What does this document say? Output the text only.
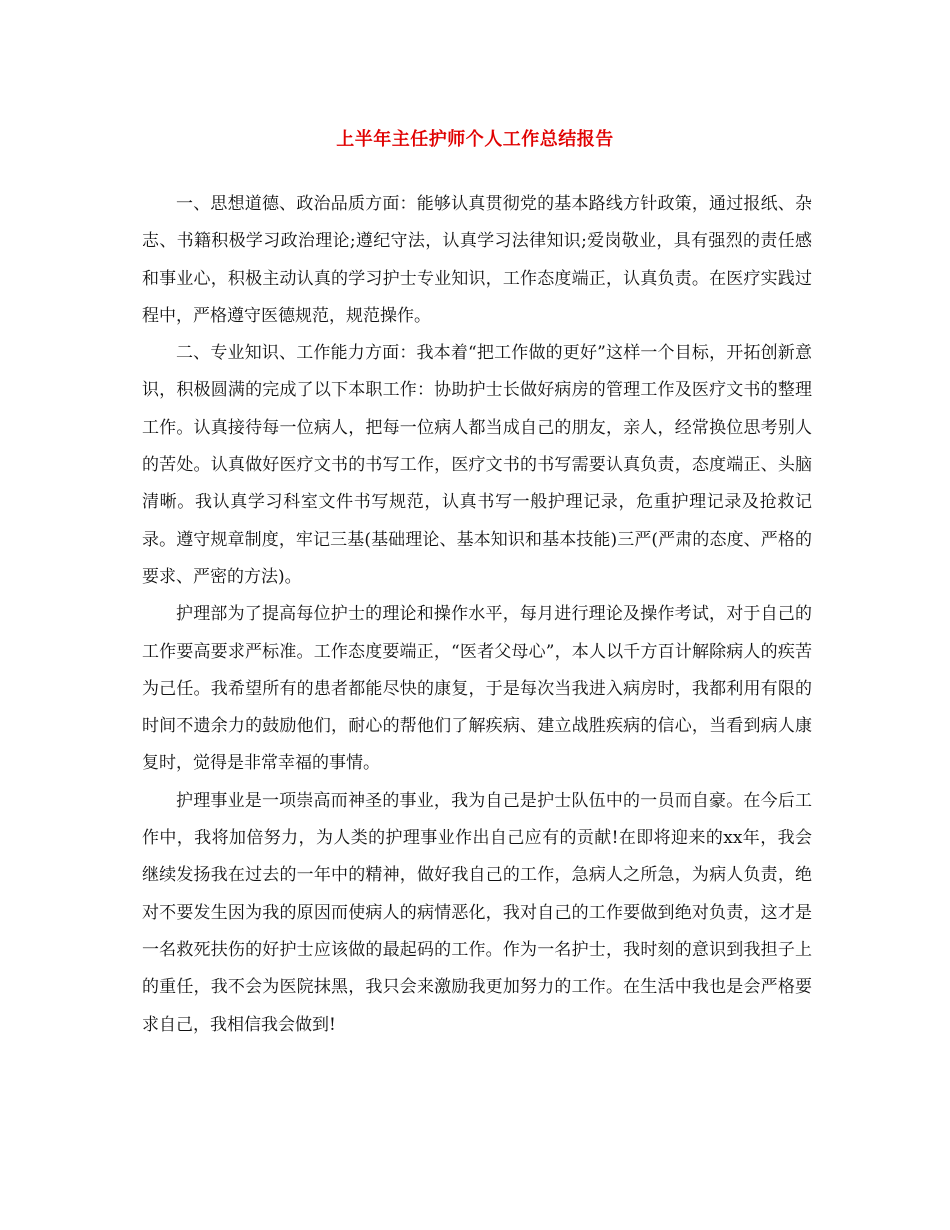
上半年主任护师个人工作总结报告

一、思想道德、政治品质方面：能够认真贯彻党的基本路线方针政策，通过报纸、杂志、书籍积极学习政治理论;遵纪守法，认真学习法律知识;爱岗敬业，具有强烈的责任感和事业心，积极主动认真的学习护士专业知识，工作态度端正，认真负责。在医疗实践过程中，严格遵守医德规范，规范操作。

二、专业知识、工作能力方面：我本着“把工作做的更好”这样一个目标，开拓创新意识，积极圆满的完成了以下本职工作：协助护士长做好病房的管理工作及医疗文书的整理工作。认真接待每一位病人，把每一位病人都当成自己的朋友，亲人，经常换位思考别人的苦处。认真做好医疗文书的书写工作，医疗文书的书写需要认真负责，态度端正、头脑清晰。我认真学习科室文件书写规范，认真书写一般护理记录，危重护理记录及抢救记录。遵守规章制度，牢记三基(基础理论、基本知识和基本技能)三严(严肃的态度、严格的要求、严密的方法)。

护理部为了提高每位护士的理论和操作水平，每月进行理论及操作考试，对于自己的工作要高要求严标准。工作态度要端正，“医者父母心”，本人以千方百计解除病人的疾苦为己任。我希望所有的患者都能尽快的康复，于是每次当我进入病房时，我都利用有限的时间不遗余力的鼓励他们，耐心的帮他们了解疾病、建立战胜疾病的信心，当看到病人康复时，觉得是非常幸福的事情。

护理事业是一项崇高而神圣的事业，我为自己是护士队伍中的一员而自豪。在今后工作中，我将加倍努力，为人类的护理事业作出自己应有的贡献!在即将迎来的xx年，我会继续发扬我在过去的一年中的精神，做好我自己的工作，急病人之所急，为病人负责，绝对不要发生因为我的原因而使病人的病情恶化，我对自己的工作要做到绝对负责，这才是一名救死扶伤的好护士应该做的最起码的工作。作为一名护士，我时刻的意识到我担子上的重任，我不会为医院抹黑，我只会来激励我更加努力的工作。在生活中我也是会严格要求自己，我相信我会做到!
